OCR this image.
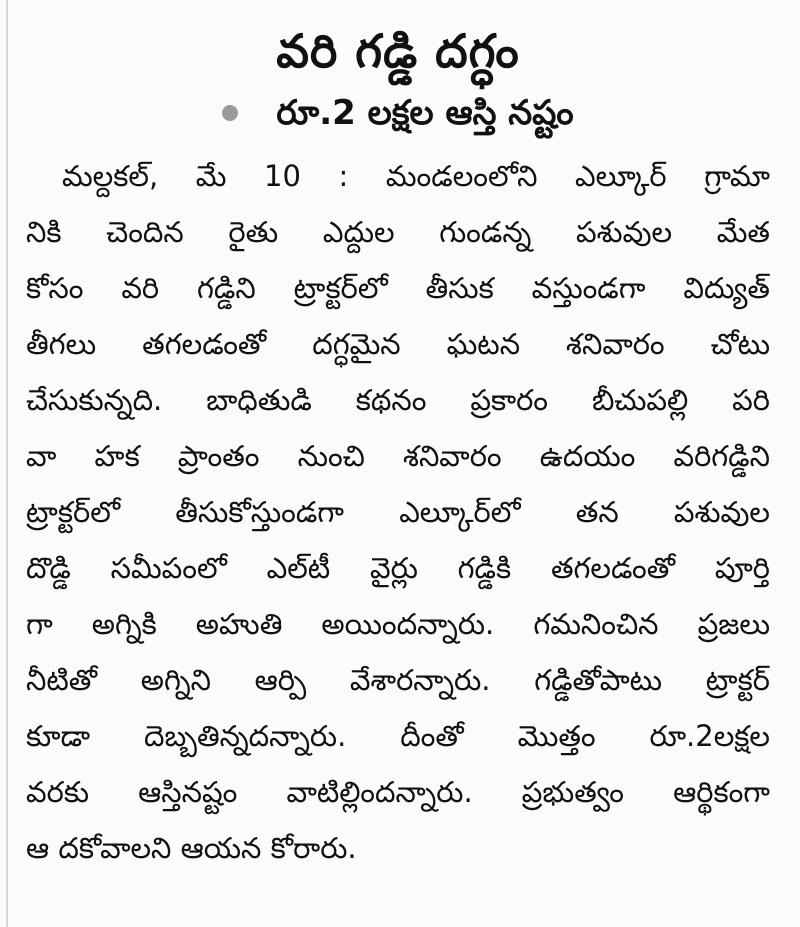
వరి గడ్డి దగ్ధం
రూ.2 లక్షల ఆస్తి నష్టం
మల్దకల్, మే 10 : మండలంలోని ఎల్కూర్ గ్రామా
నికి చెందిన రైతు ఎద్దుల గుండన్న పశువుల మేత
కోసం వరి గడ్డిని ట్రాక్టర్‌లో తీసుక వస్తుండగా విద్యుత్
తీగలు తగలడంతో దగ్ధమైన ఘటన శనివారం చోటు
చేసుకున్నది. బాధితుడి కథనం ప్రకారం బీచుపల్లి పరి
వా హక ప్రాంతం నుంచి శనివారం ఉదయం వరిగడ్డిని
ట్రాక్టర్‌లో తీసుకోస్తుండగా ఎల్కూర్‌లో తన పశువుల
దొడ్డి సమీపంలో ఎల్‌టీ వైర్లు గడ్డికి తగలడంతో పూర్తి
గా అగ్నికి అహుతి అయిందన్నారు. గమనించిన ప్రజలు
నీటితో అగ్నిని ఆర్పి వేశారన్నారు. గడ్డితోపాటు ట్రాక్టర్
కూడా దెబ్బతిన్నదన్నారు. దీంతో మొత్తం రూ.2లక్షల
వరకు ఆస్తినష్టం వాటిల్లిందన్నారు. ప్రభుత్వం ఆర్థికంగా
ఆ దకోవాలని ఆయన కోరారు.
